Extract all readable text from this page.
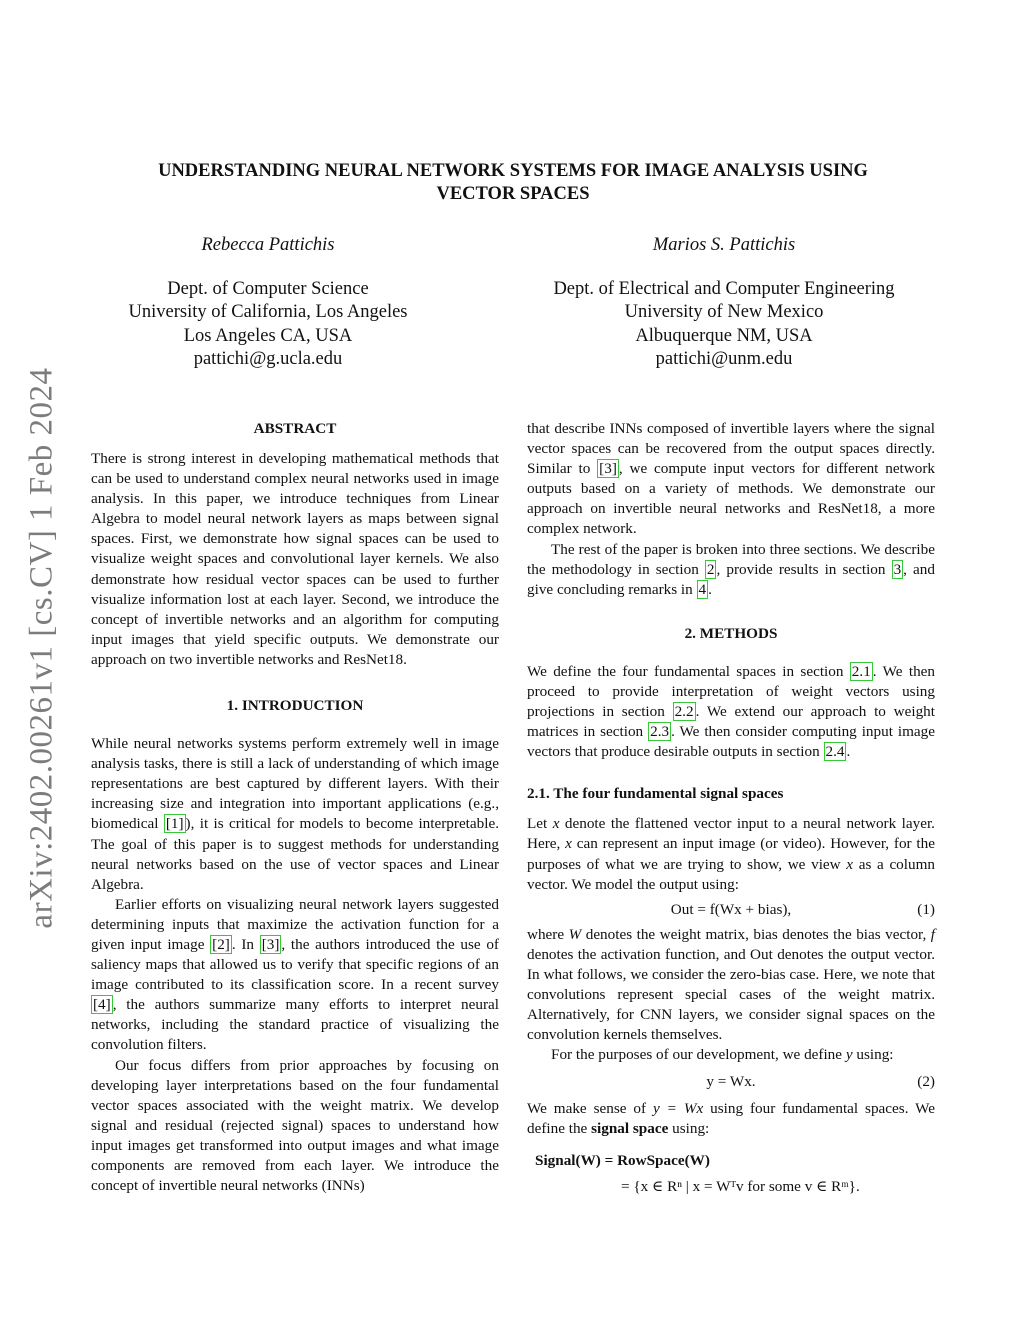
arXiv:2402.00261v1 [cs.CV] 1 Feb 2024
UNDERSTANDING NEURAL NETWORK SYSTEMS FOR IMAGE ANALYSIS USING
VECTOR SPACES
Rebecca Pattichis
Dept. of Computer Science
University of California, Los Angeles
Los Angeles CA, USA
pattichi@g.ucla.edu
Marios S. Pattichis
Dept. of Electrical and Computer Engineering
University of New Mexico
Albuquerque NM, USA
pattichi@unm.edu
ABSTRACT

There is strong interest in developing mathematical methods that can be used to understand complex neural networks used in image analysis. In this paper, we introduce techniques from Linear Algebra to model neural network layers as maps between signal spaces. First, we demonstrate how signal spaces can be used to visualize weight spaces and convolutional layer kernels. We also demonstrate how residual vector spaces can be used to further visualize information lost at each layer. Second, we introduce the concept of invertible networks and an algorithm for computing input images that yield specific outputs. We demonstrate our approach on two invertible networks and ResNet18.

1. INTRODUCTION

While neural networks systems perform extremely well in image analysis tasks, there is still a lack of understanding of which image representations are best captured by different layers. With their increasing size and integration into important applications (e.g., biomedical [1] ), it is critical for models to become interpretable. The goal of this paper is to suggest methods for understanding neural networks based on the use of vector spaces and Linear Algebra.

Earlier efforts on visualizing neural network layers suggested determining inputs that maximize the activation function for a given input image [2] . In [3] , the authors introduced the use of saliency maps that allowed us to verify that specific regions of an image contributed to its classification score. In a recent survey [4] , the authors summarize many efforts to interpret neural networks, including the standard practice of visualizing the convolution filters.

Our focus differs from prior approaches by focusing on developing layer interpretations based on the four fundamental vector spaces associated with the weight matrix. We develop signal and residual (rejected signal) spaces to understand how input images get transformed into output images and what image components are removed from each layer. We introduce the concept of invertible neural networks (INNs)

that describe INNs composed of invertible layers where the signal vector spaces can be recovered from the output spaces directly. Similar to [3] , we compute input vectors for different network outputs based on a variety of methods. We demonstrate our approach on invertible neural networks and ResNet18, a more complex network.

The rest of the paper is broken into three sections. We describe the methodology in section 2 , provide results in section 3 , and give concluding remarks in 4 .

2. METHODS

We define the four fundamental spaces in section 2.1 . We then proceed to provide interpretation of weight vectors using projections in section 2.2 . We extend our approach to weight matrices in section 2.3 . We then consider computing input image vectors that produce desirable outputs in section 2.4 .

2.1. The four fundamental signal spaces

Let x denote the flattened vector input to a neural network layer. Here, x can represent an input image (or video). However, for the purposes of what we are trying to show, we view x as a column vector. We model the output using:

Out = f(Wx + bias),	(1)

where W denotes the weight matrix, bias denotes the bias vector, f denotes the activation function, and Out denotes the output vector. In what follows, we consider the zero-bias case. Here, we note that convolutions represent special cases of the weight matrix. Alternatively, for CNN layers, we consider signal spaces on the convolution kernels themselves.

For the purposes of our development, we define y using:

y = Wx.	(2)

We make sense of y = Wx using four fundamental spaces. We define the signal space using:

Signal(W) = RowSpace(W)
= {x ∈ Rⁿ | x = Wᵀv for some v ∈ Rᵐ}.
